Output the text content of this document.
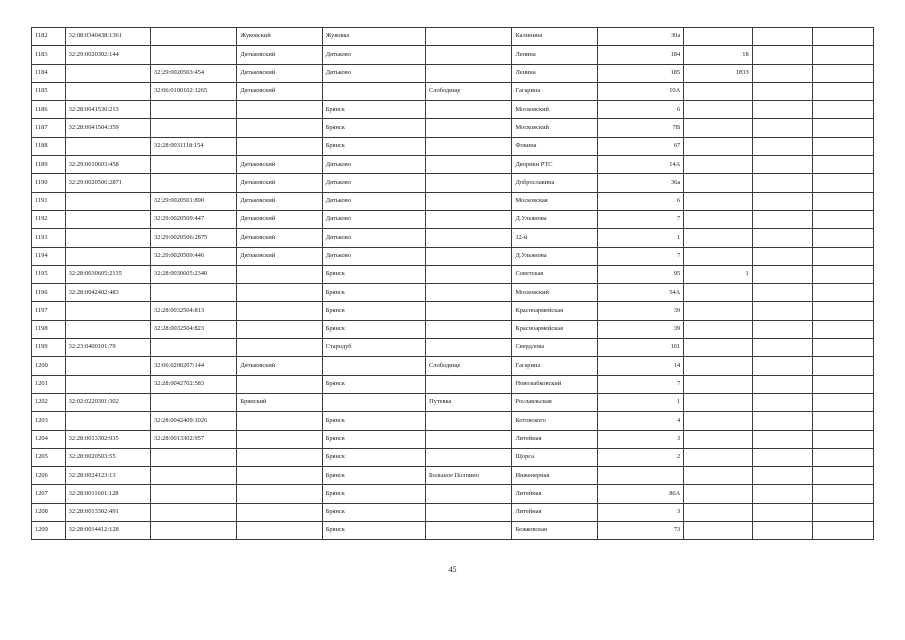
1182	32:08:0340438:1361		Жуковский	Жуковка		Калинина	30а			
1183	32:29:0020302:144		Дятьковский	Дятьково		Ленина	184	18		
1184		32:29:0020503:454	Дятьковский	Дятьково		Ленина	185	1ЮЗ		
1185		32:06:0190102:1265	Дятьковский		Слободище	Гагарина	10А			
1186	32:28:0041530:213			Брянск		Московский	6			
1187	32:28:0041504:359			Брянск		Московский	7В			
1188		32:28:0031118:154		Брянск		Фокина	67			
1189	32:29:0010603:458		Дятьковский	Дятьково		Дворики РТС	14А			
1190	32:29:0020506:2871		Дятьковский	Дятьково		Доброславина	36а			
1191		32:29:0020501:890	Дятьковский	Дятьково		Московская	6			
1192		32:29:0020509:447	Дятьковский	Дятьково		Д.Ульянова	7			
1193		32:29:0020506:2875	Дятьковский	Дятьково		12-й	1			
1194		32:29:0020509:446	Дятьковский	Дятьково		Д.Ульянова	7			
1195	32:28:0030605:2135	32:28:0030605:2340		Брянск		Советская	95	1		
1196	32:28:0042402:483			Брянск		Московский	54А			
1197		32:28:0032504:813		Брянск		Красноармейская	39			
1198		32:28:0032504:823		Брянск		Красноармейская	39			
1199	32:23:0400101:79			Стародуб		Свердлова	101			
1200		32:06:0200207:144	Дятьковский		Слободище	Гагарина	14			
1201		32:28:0042702:583		Брянск		Новозыбковский	7			
1202	32:02:0220301:302		Брянский		Путевка	Рославльская	1			
1203		32:28:0042409:1026		Брянск		Котовского	4			
1204	32:28:0013302:935	32:28:0013302:957		Брянск		Литейная	3			
1205	32:28:0020503:55			Брянск		Щорса	2			
1206	32:28:0024123:13			Брянск	Большое Полпино	Инженерная				
1207	32:28:0011601:128			Брянск		Литейная	86А			
1208	32:28:0013302:491			Брянск		Литейная	3			
1209	32:28:0014412:128			Брянск		Бежковская	73			
45
